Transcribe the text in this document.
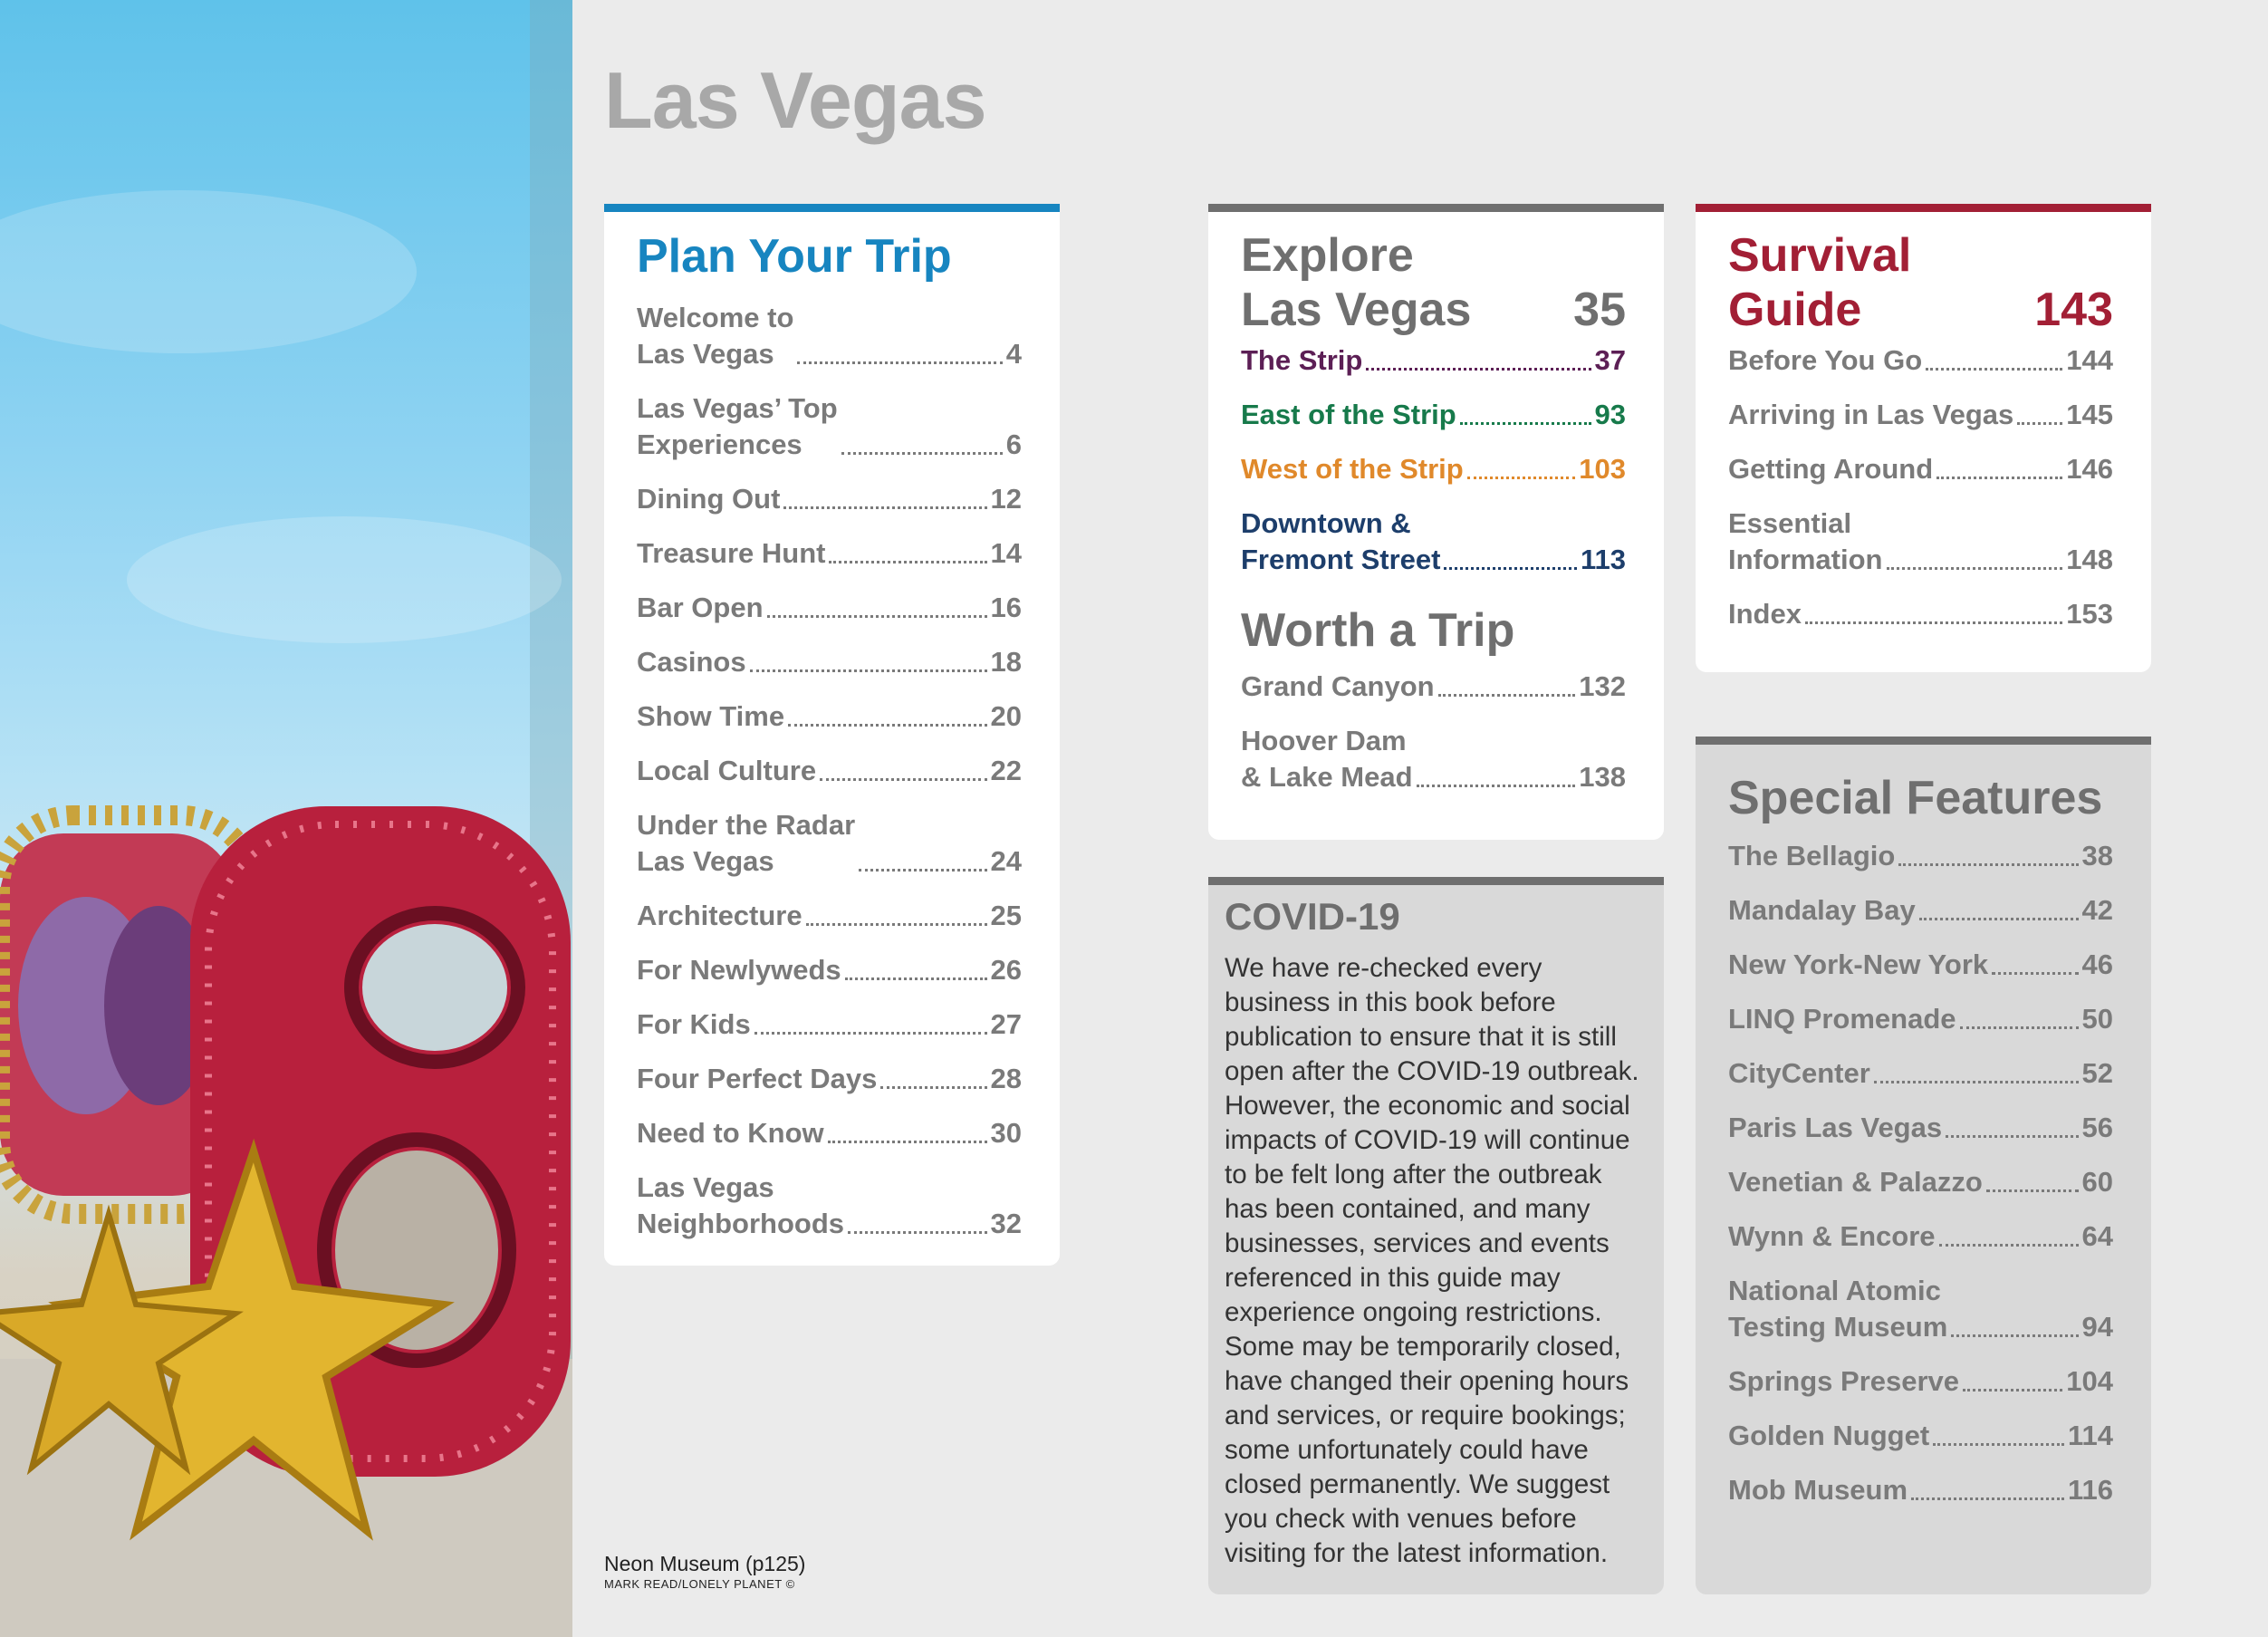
Las Vegas
Plan Your Trip
Welcome to
Las Vegas	4
Las Vegas’ Top
Experiences	6
Dining Out	12
Treasure Hunt	14
Bar Open	16
Casinos	18
Show Time	20
Local Culture	22
Under the Radar
Las Vegas	24
Architecture	25
For Newlyweds	26
For Kids	27
Four Perfect Days	28
Need to Know	30
Las Vegas
Neighborhoods	32
Explore
Las Vegas 35
The Strip	37
East of the Strip	93
West of the Strip	103
Downtown &
Fremont Street	113
Worth a Trip
Grand Canyon	132
Hoover Dam
& Lake Mead	138
COVID-19

We have re-checked every business in this book before publication to ensure that it is still open after the COVID-19 outbreak. However, the economic and social impacts of COVID-19 will continue to be felt long after the outbreak has been contained, and many businesses, services and events referenced in this guide may experience ongoing restrictions. Some may be temporarily closed, have changed their opening hours and services, or require bookings; some unfortunately could have closed permanently. We suggest you check with venues before visiting for the latest information.

Survival
Guide	143
Before You Go	144
Arriving in Las Vegas 145
Getting Around	146
Essential
Information	148
Index	153
Special Features
The Bellagio	38
Mandalay Bay	42
New York-New York	46
LINQ Promenade	50
CityCenter	52
Paris Las Vegas	56
Venetian & Palazzo	60
Wynn & Encore	64
National Atomic
Testing Museum	94
Springs Preserve	104
Golden Nugget	114
Mob Museum	116
Neon Museum (p125)
MARK READ/LONELY PLANET ©
